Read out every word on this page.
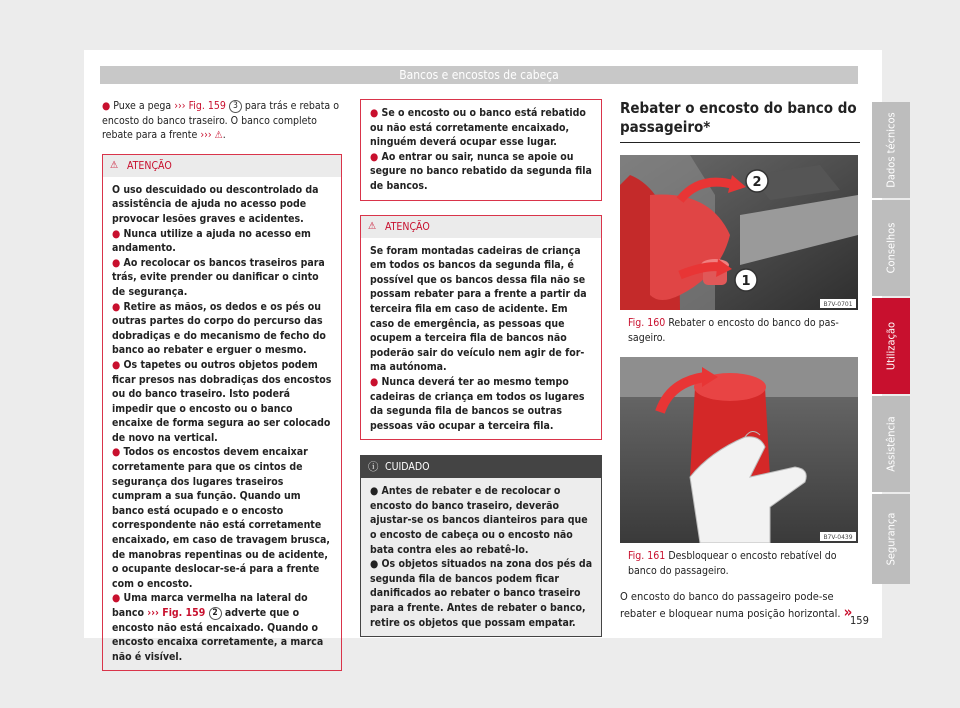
Bancos e encostos de cabeça
● Puxe a pega ››› Fig. 159 3 para trás e rebata o encosto do banco traseiro. O banco completo rebate para a frente ››› ⚠.
⚠ ATENÇÃO

O uso descuidado ou descontrolado da assistência de ajuda no acesso pode provocar lesões graves e acidentes.

● Nunca utilize a ajuda no acesso em andamento.

● Ao recolocar os bancos traseiros para trás, evite prender ou danificar o cinto de segurança.

● Retire as mãos, os dedos e os pés ou outras partes do corpo do percurso das dobradiças e do mecanismo de fecho do banco ao rebater e erguer o mesmo.

● Os tapetes ou outros objetos podem ficar presos nas dobradiças dos encostos ou do banco traseiro. Isto poderá impedir que o encosto ou o banco encaixe de forma segura ao ser colocado de novo na vertical.

● Todos os encostos devem encaixar corretamente para que os cintos de segurança dos lugares traseiros cumpram a sua função. Quando um banco está ocupado e o encosto correspondente não está corretamente encaixado, em caso de travagem brusca, de manobras repentinas ou de acidente, o ocupante deslocar-se-á para a frente com o encosto.

● Uma marca vermelha na lateral do banco ››› Fig. 159 2 adverte que o encosto não está encaixado. Quando o encosto encaixa corretamente, a marca não é visível.

● Se o encosto ou o banco está rebatido ou não está corretamente encaixado, ninguém deverá ocupar esse lugar.

● Ao entrar ou sair, nunca se apoie ou segure no banco rebatido da segunda fila de bancos.

⚠ ATENÇÃO

Se foram montadas cadeiras de criança em todos os bancos da segunda fila, é possível que os bancos dessa fila não se possam rebater para a frente a partir da terceira fila em caso de acidente. Em caso de emergência, as pessoas que ocupem a terceira fila de bancos não poderão sair do veículo nem agir de forma autónoma.

● Nunca deverá ter ao mesmo tempo cadeiras de criança em todos os lugares da segunda fila de bancos se outras pessoas vão ocupar a terceira fila.

ⓘ CUIDADO

● Antes de rebater e de recolocar o encosto do banco traseiro, deverão ajustar-se os bancos dianteiros para que o encosto de cabeça ou o encosto não bata contra eles ao rebatê-lo.

● Os objetos situados na zona dos pés da segunda fila de bancos podem ficar danificados ao rebater o banco traseiro para a frente. Antes de rebater o banco, retire os objetos que possam empatar.

Rebater o encosto do banco do passageiro*
2
1
B7V-0701
Fig. 160 Rebater o encosto do banco do passageiro.
B7V-0439
Fig. 161 Desbloquear o encosto rebatível do banco do passageiro.
O encosto do banco do passageiro pode-se rebater e bloquear numa posição horizontal. »
Dados técnicos
Conselhos
Utilização
Assistência
Segurança
159
